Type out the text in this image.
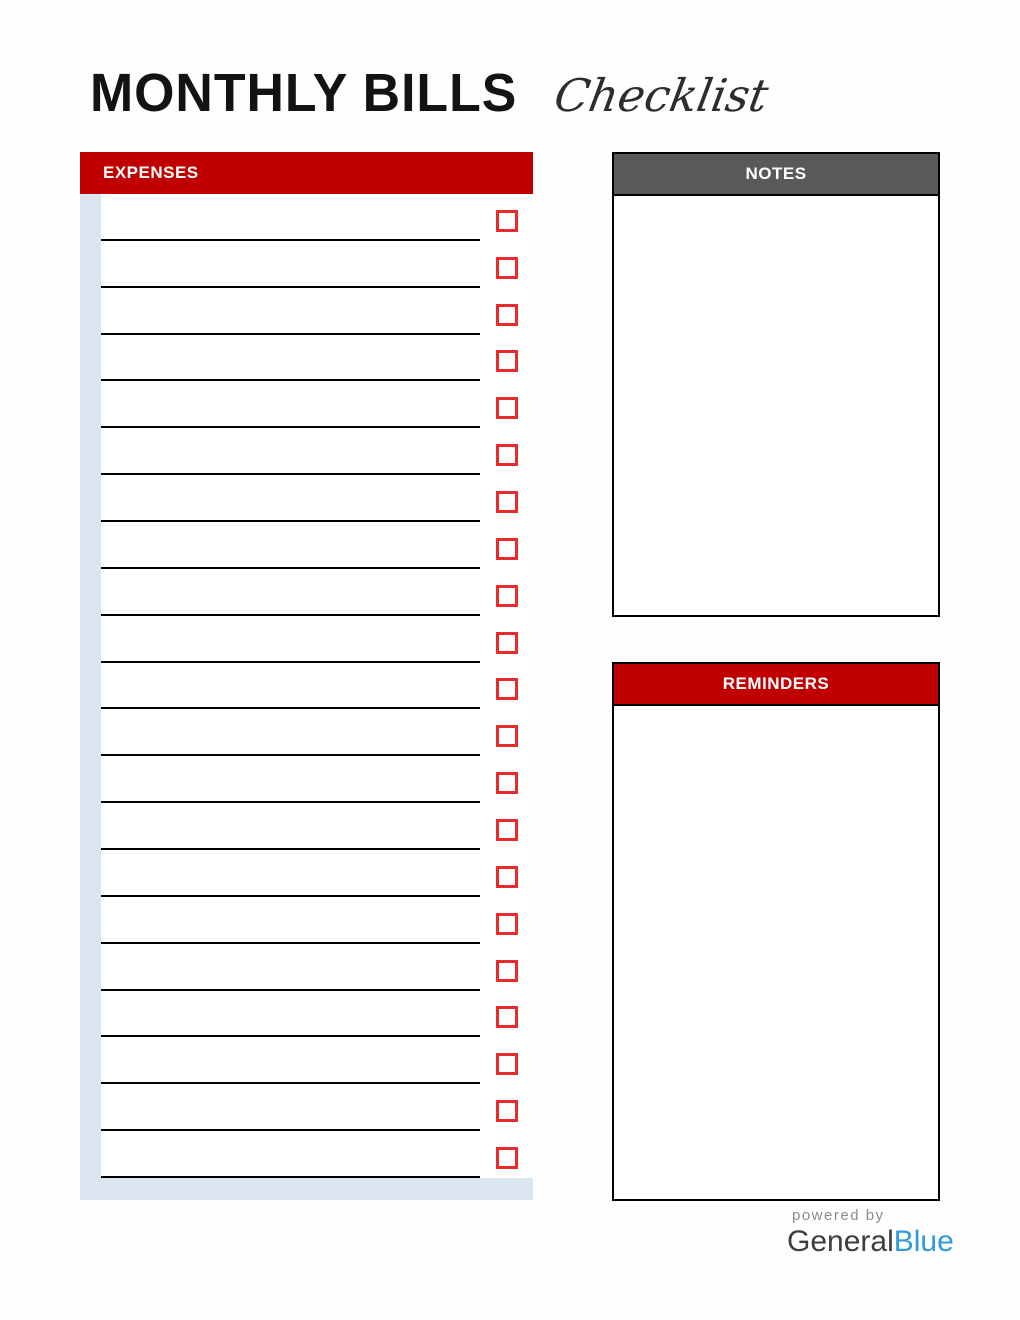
MONTHLY BILLS Checklist
EXPENSES	NOTES
REMINDERS
powered by
GeneralBlue
